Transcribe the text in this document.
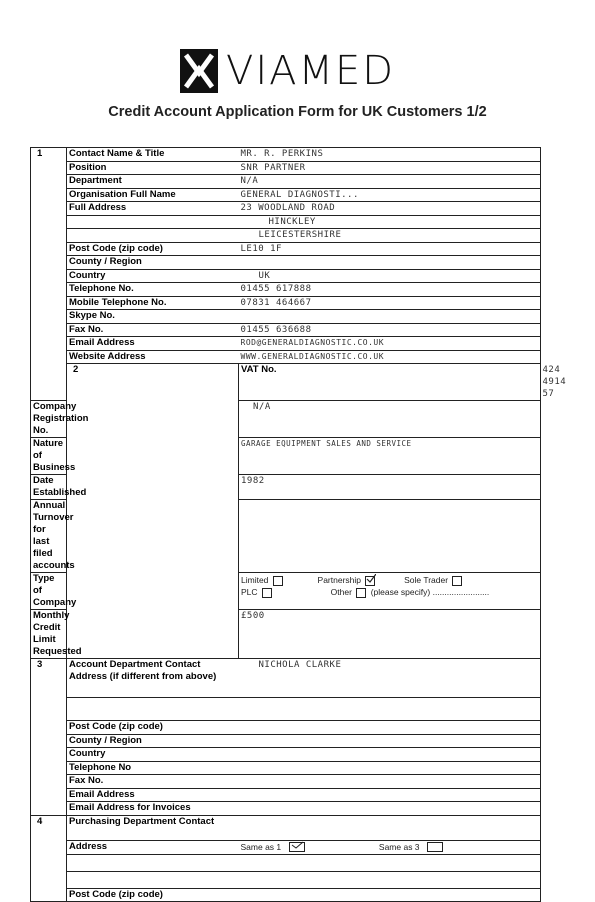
VIAMED
Credit Account Application Form for UK Customers 1/2
1	Contact Name & Title	MR. R. PERKINS	
	Position	SNR PARTNER	
	Department	N/A	
	Organisation Full Name	GENERAL DIAGNOSTI...	
	Full Address	23 WOODLAND ROAD	
		HINCKLEY	
		LEICESTERSHIRE	
	Post Code (zip code)	LE10 1F	
	County / Region		
	Country	UK	
	Telephone No.	01455 617888	
	Mobile Telephone No.	07831 464667	
	Skype No.		
	Fax No.	01455 636688	
	Email Address	ROD@GENERALDIAGNOSTIC.CO.UK	
	Website Address	WWW.GENERALDIAGNOSTIC.CO.UK	
	2	VAT No.	424 4914 57
Company Registration No.		N/A	
Nature of Business		GARAGE EQUIPMENT SALES AND SERVICE	
Date Established		1982	
Annual Turnover for last filed accounts			
Type of Company		Limited Partnership Sole Trader
PLC Other (please specify) ........................	

Monthly Credit Limit Requested		£500	
3	Account Department Contact Address (if different from above)	NICHOLA CLARKE	

	Post Code (zip code)		
	County / Region		
	Country		
	Telephone No		
	Fax No.		
	Email Address		
	Email Address for Invoices		
4	Purchasing Department Contact		
	Address	Same as 1 Same as 3	

	Post Code (zip code)		
